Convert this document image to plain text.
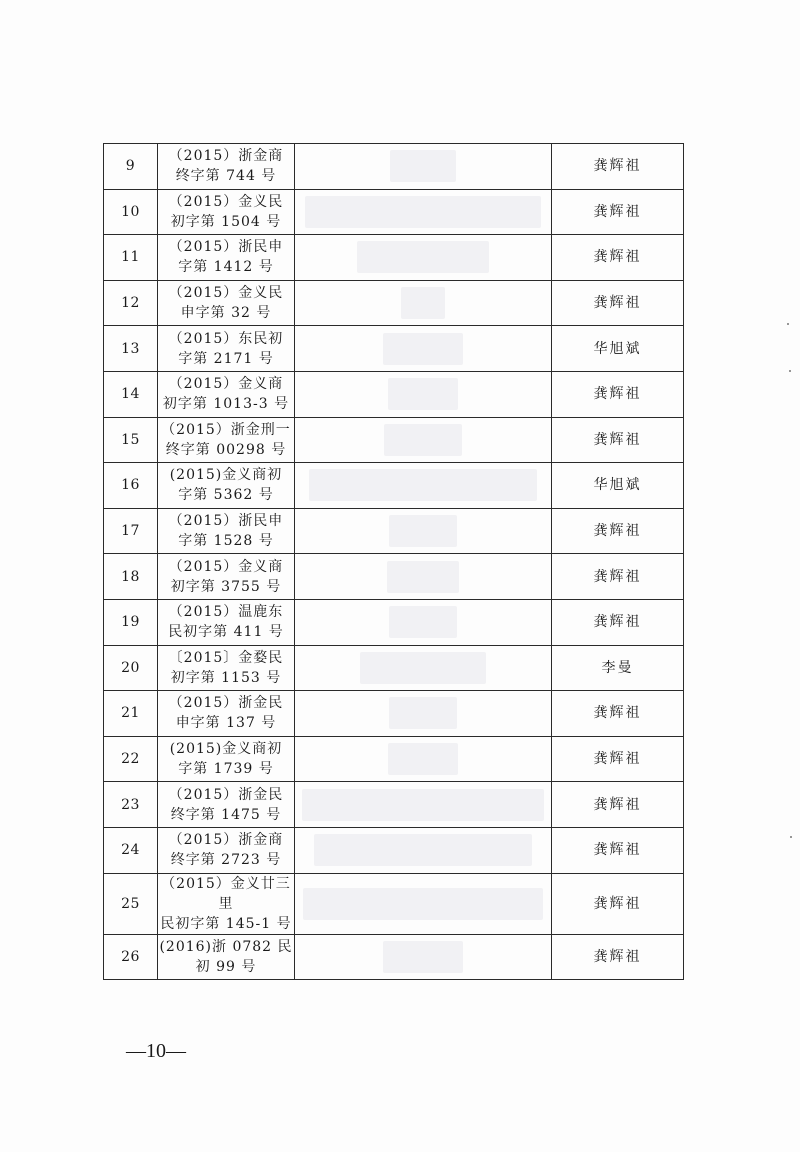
9	（2015）浙金商
终字第 744 号		龚辉祖
10	（2015）金义民
初字第 1504 号		龚辉祖
11	（2015）浙民申
字第 1412 号		龚辉祖
12	（2015）金义民
申字第 32 号		龚辉祖
13	（2015）东民初
字第 2171 号		华旭斌
14	（2015）金义商
初字第 1013-3 号		龚辉祖
15	（2015）浙金刑一
终字第 00298 号		龚辉祖
16	(2015)金义商初
字第 5362 号		华旭斌
17	（2015）浙民申
字第 1528 号		龚辉祖
18	（2015）金义商
初字第 3755 号		龚辉祖
19	（2015）温鹿东
民初字第 411 号		龚辉祖
20	〔2015〕金婺民
初字第 1153 号		李曼
21	（2015）浙金民
申字第 137 号		龚辉祖
22	(2015)金义商初
字第 1739 号		龚辉祖
23	（2015）浙金民
终字第 1475 号		龚辉祖
24	（2015）浙金商
终字第 2723 号		龚辉祖
25	（2015）金义廿三里
民初字第 145-1 号		龚辉祖
26	(2016)浙 0782 民
初 99 号		龚辉祖
—10—
